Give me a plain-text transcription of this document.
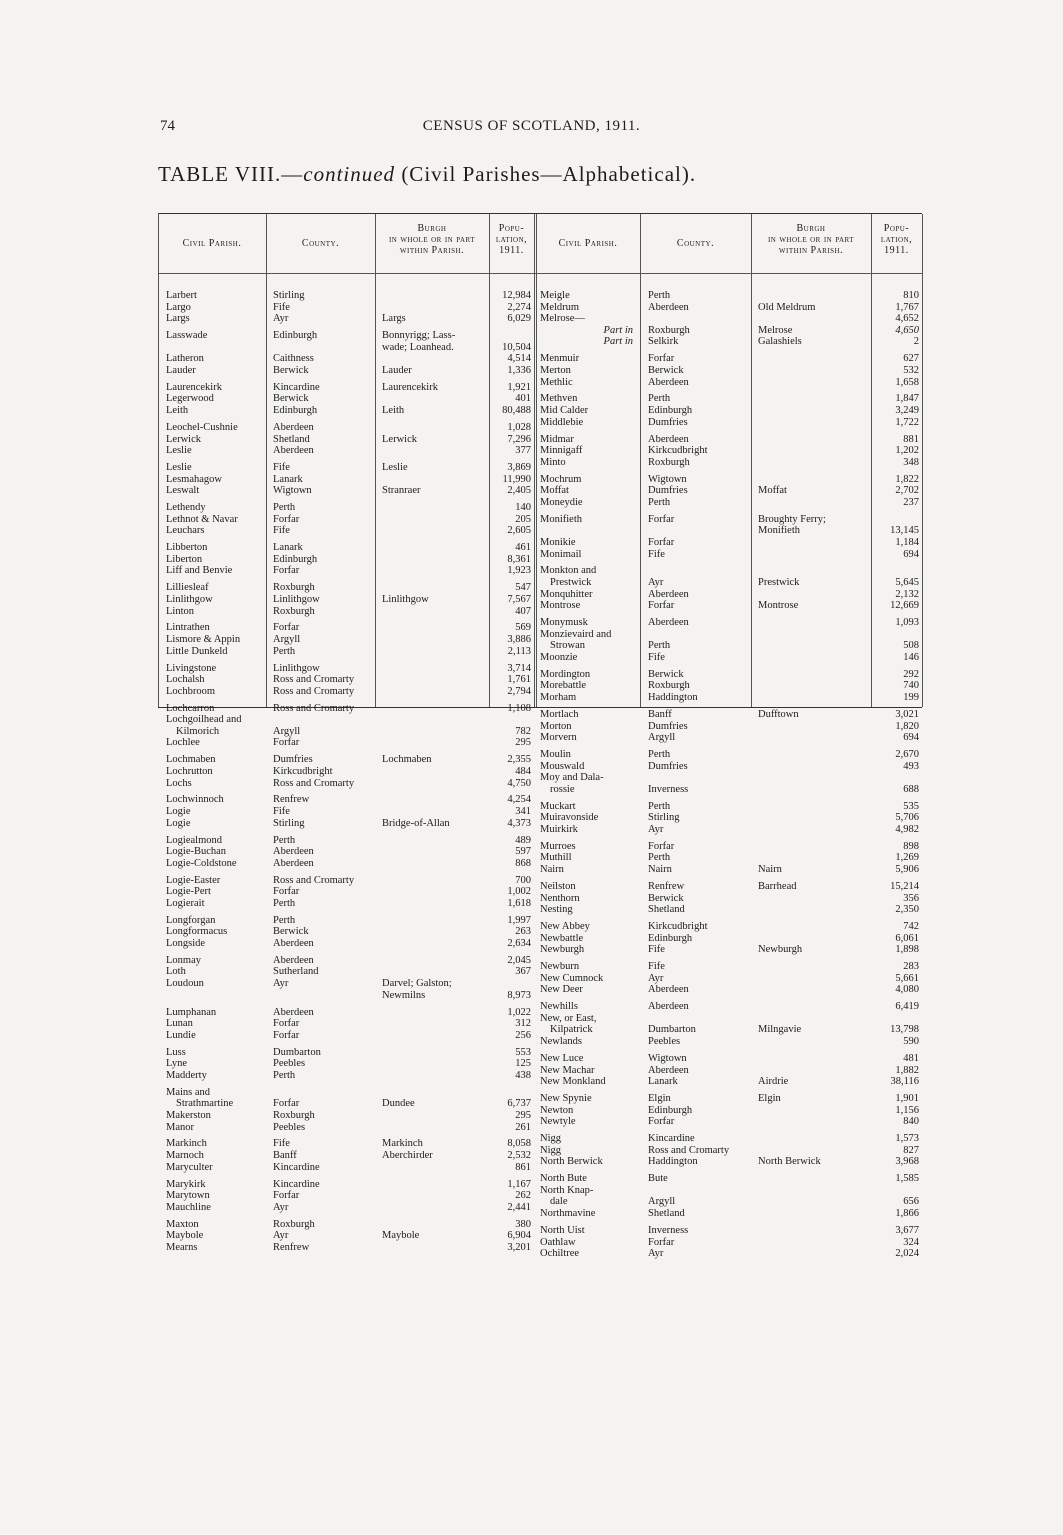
74	CENSUS OF SCOTLAND, 1911.
TABLE VIII.—continued (Civil Parishes—Alphabetical).
Civil Parish.	County.
Burgh
in whole or in part
within Parish.
Popu-
lation,
1911.
Civil Parish.	County.
Burgh
in whole or in part
within Parish.
Popu-
lation,
1911.
Larbert	Stirling	12,984
Largo	Fife	2,274
Largs	Ayr	Largs	6,029
Lasswade	Edinburgh	Bonnyrigg; Lass-
wade; Loanhead.	10,504
Latheron	Caithness	4,514
Lauder	Berwick	Lauder	1,336
Laurencekirk	Kincardine	Laurencekirk	1,921
Legerwood	Berwick	401
Leith	Edinburgh	Leith	80,488
Leochel-Cushnie	Aberdeen	1,028
Lerwick	Shetland	Lerwick	7,296
Leslie	Aberdeen	377
Leslie	Fife	Leslie	3,869
Lesmahagow	Lanark	11,990
Leswalt	Wigtown	Stranraer	2,405
Lethendy	Perth	140
Lethnot & Navar	Forfar	205
Leuchars	Fife	2,605
Libberton	Lanark	461
Liberton	Edinburgh	8,361
Liff and Benvie	Forfar	1,923
Lilliesleaf	Roxburgh	547
Linlithgow	Linlithgow	Linlithgow	7,567
Linton	Roxburgh	407
Lintrathen	Forfar	569
Lismore & Appin	Argyll	3,886
Little Dunkeld	Perth	2,113
Livingstone	Linlithgow	3,714
Lochalsh	Ross and Cromarty	1,761
Lochbroom	Ross and Cromarty	2,794
Lochcarron	Ross and Cromarty	1,108
Lochgoilhead and
Kilmorich	Argyll	782
Lochlee	Forfar	295
Lochmaben	Dumfries	Lochmaben	2,355
Lochrutton	Kirkcudbright	484
Lochs	Ross and Cromarty	4,750
Lochwinnoch	Renfrew	4,254
Logie	Fife	341
Logie	Stirling	Bridge-of-Allan	4,373
Logiealmond	Perth	489
Logie-Buchan	Aberdeen	597
Logie-Coldstone	Aberdeen	868
Logie-Easter	Ross and Cromarty	700
Logie-Pert	Forfar	1,002
Logierait	Perth	1,618
Longforgan	Perth	1,997
Longformacus	Berwick	263
Longside	Aberdeen	2,634
Lonmay	Aberdeen	2,045
Loth	Sutherland	367
Loudoun	Ayr	Darvel; Galston;
Newmilns	8,973
Lumphanan	Aberdeen	1,022
Lunan	Forfar	312
Lundie	Forfar	256
Luss	Dumbarton	553
Lyne	Peebles	125
Madderty	Perth	438
Mains and
Strathmartine	Forfar	Dundee	6,737
Makerston	Roxburgh	295
Manor	Peebles	261
Markinch	Fife	Markinch	8,058
Marnoch	Banff	Aberchirder	2,532
Maryculter	Kincardine	861
Marykirk	Kincardine	1,167
Marytown	Forfar	262
Mauchline	Ayr	2,441
Maxton	Roxburgh	380
Maybole	Ayr	Maybole	6,904
Mearns	Renfrew	3,201
Meigle	Perth	810
Meldrum	Aberdeen	Old Meldrum	1,767
Melrose—	4,652
Part in Roxburgh	Melrose	4,650
Part in Selkirk	Galashiels	2
Menmuir	Forfar	627
Merton	Berwick	532
Methlic	Aberdeen	1,658
Methven	Perth	1,847
Mid Calder	Edinburgh	3,249
Middlebie	Dumfries	1,722
Midmar	Aberdeen	881
Minnigaff	Kirkcudbright	1,202
Minto	Roxburgh	348
Mochrum	Wigtown	1,822
Moffat	Dumfries	Moffat	2,702
Moneydie	Perth	237
Monifieth	Forfar	Broughty Ferry;
Monifieth	13,145
Monikie	Forfar	1,184
Monimail	Fife	694
Monkton and
Prestwick	Ayr	Prestwick	5,645
Monquhitter	Aberdeen	2,132
Montrose	Forfar	Montrose	12,669
Monymusk	Aberdeen	1,093
Monzievaird and
Strowan	Perth	508
Moonzie	Fife	146
Mordington	Berwick	292
Morebattle	Roxburgh	740
Morham	Haddington	199
Mortlach	Banff	Dufftown	3,021
Morton	Dumfries	1,820
Morvern	Argyll	694
Moulin	Perth	2,670
Mouswald	Dumfries	493
Moy and Dala-
rossie	Inverness	688
Muckart	Perth	535
Muiravonside	Stirling	5,706
Muirkirk	Ayr	4,982
Murroes	Forfar	898
Muthill	Perth	1,269
Nairn	Nairn	Nairn	5,906
Neilston	Renfrew	Barrhead	15,214
Nenthorn	Berwick	356
Nesting	Shetland	2,350
New Abbey	Kirkcudbright	742
Newbattle	Edinburgh	6,061
Newburgh	Fife	Newburgh	1,898
Newburn	Fife	283
New Cumnock	Ayr	5,661
New Deer	Aberdeen	4,080
Newhills	Aberdeen	6,419
New, or East,
Kilpatrick	Dumbarton	Milngavie	13,798
Newlands	Peebles	590
New Luce	Wigtown	481
New Machar	Aberdeen	1,882
New Monkland	Lanark	Airdrie	38,116
New Spynie	Elgin	Elgin	1,901
Newton	Edinburgh	1,156
Newtyle	Forfar	840
Nigg	Kincardine	1,573
Nigg	Ross and Cromarty	827
North Berwick	Haddington	North Berwick	3,968
North Bute	Bute	1,585
North Knap-
dale	Argyll	656
Northmavine	Shetland	1,866
North Uist	Inverness	3,677
Oathlaw	Forfar	324
Ochiltree	Ayr	2,024
